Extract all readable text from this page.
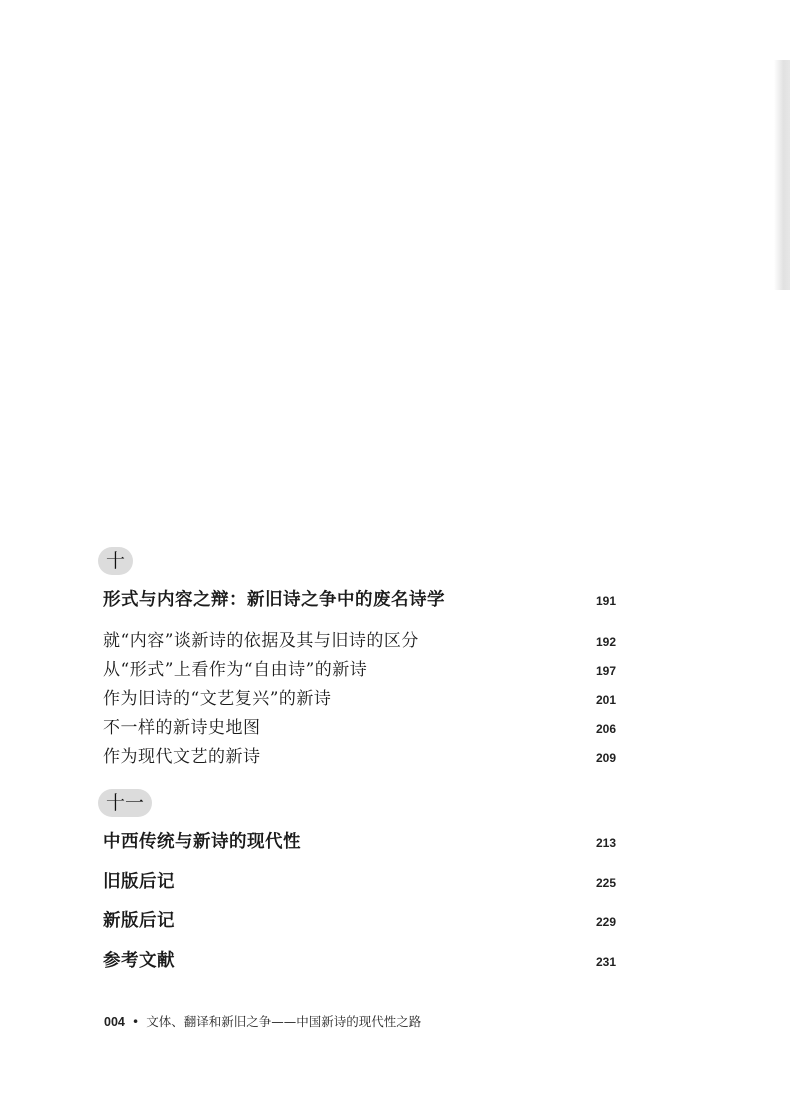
十
形式与内容之辩：新旧诗之争中的废名诗学	191
就“内容”谈新诗的依据及其与旧诗的区分	192
从“形式”上看作为“自由诗”的新诗	197
作为旧诗的“文艺复兴”的新诗	201
不一样的新诗史地图	206
作为现代文艺的新诗	209
十一
中西传统与新诗的现代性	213
旧版后记	225
新版后记	229
参考文献	231
004 • 文体、翻译和新旧之争——中国新诗的现代性之路
